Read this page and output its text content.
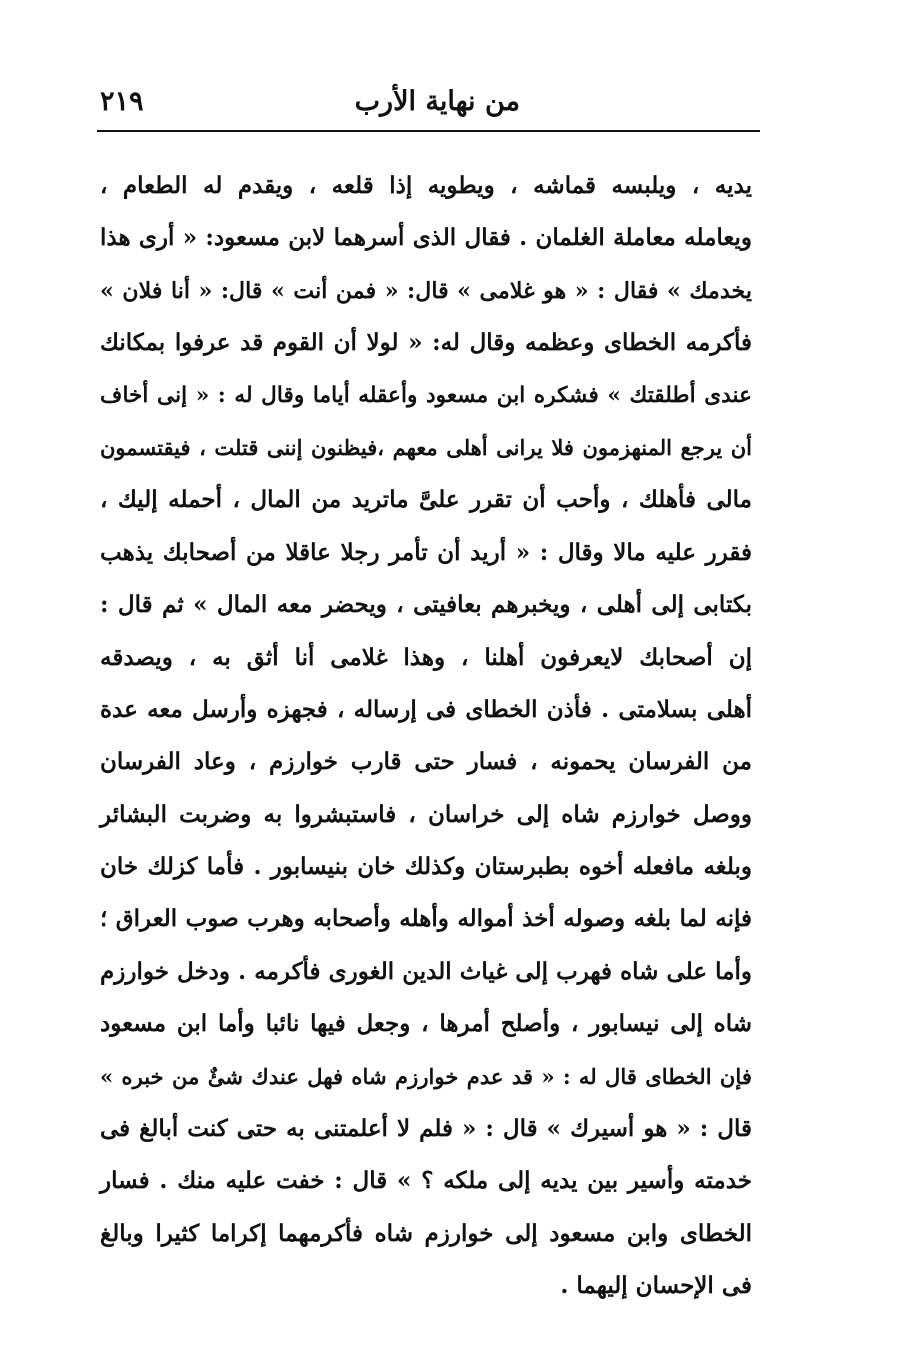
من نهاية الأرب
٢١٩
يديه ، ويلبسه قماشه ، ويطويه إذا قلعه ، ويقدم له الطعام ،
ويعامله معاملة الغلمان . فقال الذى أسرهما لابن مسعود: « أرى هذا
يخدمك » فقال : « هو غلامى » قال: « فمن أنت » قال: « أنا فلان »
فأكرمه الخطاى وعظمه وقال له: « لولا أن القوم قد عرفوا بمكانك
عندى أطلقتك » فشكره ابن مسعود وأعقله أياما وقال له : « إنى أخاف
أن يرجع المنهزمون فلا يرانى أهلى معهم ،فيظنون إننى قتلت ، فيقتسمون
مالى فأهلك ، وأحب أن تقرر علىَّ ماتريد من المال ، أحمله إليك ،
فقرر عليه مالا وقال : « أريد أن تأمر رجلا عاقلا من أصحابك يذهب
بكتابى إلى أهلى ، ويخبرهم بعافيتى ، ويحضر معه المال » ثم قال :
إن أصحابك لايعرفون أهلنا ، وهذا غلامى أنا أثق به ، ويصدقه
أهلى بسلامتى . فأذن الخطاى فى إرساله ، فجهزه وأرسل معه عدة
من الفرسان يحمونه ، فسار حتى قارب خوارزم ، وعاد الفرسان
ووصل خوارزم شاه إلى خراسان ، فاستبشروا به وضربت البشائر
وبلغه مافعله أخوه بطبرستان وكذلك خان بنيسابور . فأما كزلك خان
فإنه لما بلغه وصوله أخذ أمواله وأهله وأصحابه وهرب صوب العراق ؛
وأما على شاه فهرب إلى غياث الدين الغورى فأكرمه . ودخل خوارزم
شاه إلى نيسابور ، وأصلح أمرها ، وجعل فيها نائبا وأما ابن مسعود
فإن الخطاى قال له : « قد عدم خوارزم شاه فهل عندك شئٌ من خبره »
قال : « هو أسيرك » قال : « فلم لا أعلمتنى به حتى كنت أبالغ فى
خدمته وأسير بين يديه إلى ملكه ؟ » قال : خفت عليه منك . فسار
الخطاى وابن مسعود إلى خوارزم شاه فأكرمهما إكراما كثيرا وبالغ
فى الإحسان إليهما .
